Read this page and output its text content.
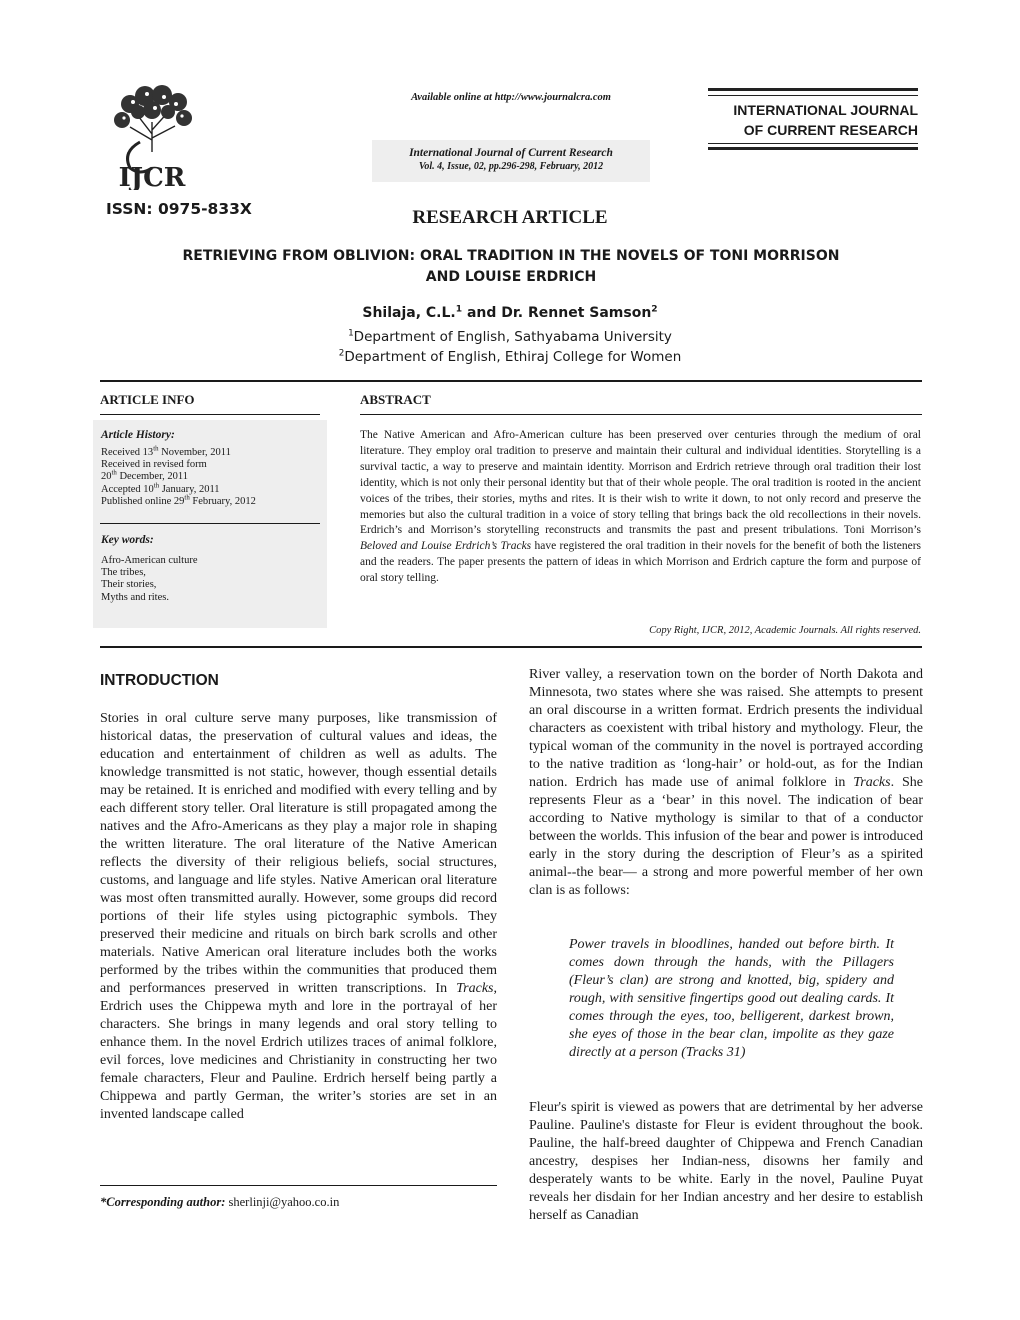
IJCR
Available online at http://www.journalcra.com
International Journal of Current Research
Vol. 4, Issue, 02, pp.296-298, February, 2012
INTERNATIONAL JOURNAL
OF CURRENT RESEARCH
ISSN: 0975-833X	RESEARCH ARTICLE
RETRIEVING FROM OBLIVION: ORAL TRADITION IN THE NOVELS OF TONI MORRISON
AND LOUISE ERDRICH
Shilaja, C.L.$^1$ and Dr. Rennet Samson$^2$
$^1$Department of English, Sathyabama University
$^2$Department of English, Ethiraj College for Women
ARTICLE INFO	ABSTRACT
Article History:
Received 13th November, 2011
Received in revised form
20th December, 2011
Accepted 10th January, 2011
Published online 29th February, 2012
Key words:
Afro-American culture
The tribes,
Their stories,
Myths and rites.
The Native American and Afro-American culture has been preserved over centuries through the medium of oral literature. They employ oral tradition to preserve and maintain their cultural and individual identities. Storytelling is a survival tactic, a way to preserve and maintain identity. Morrison and Erdrich retrieve through oral tradition their lost identity, which is not only their personal identity but that of their whole people. The oral tradition is rooted in the ancient voices of the tribes, their stories, myths and rites. It is their wish to write it down, to not only record and preserve the memories but also the cultural tradition in a voice of story telling that brings back the old recollections in their novels. Erdrich’s and Morrison’s storytelling reconstructs and transmits the past and present tribulations. Toni Morrison’s Beloved and Louise Erdrich’s Tracks have registered the oral tradition in their novels for the benefit of both the listeners and the readers. The paper presents the pattern of ideas in which Morrison and Erdrich capture the form and purpose of oral story telling.
Copy Right, IJCR, 2012, Academic Journals. All rights reserved.
INTRODUCTION
Stories in oral culture serve many purposes, like transmission of historical datas, the preservation of cultural values and ideas, the education and entertainment of children as well as adults. The knowledge transmitted is not static, however, though essential details may be retained. It is enriched and modified with every telling and by each different story teller. Oral literature is still propagated among the natives and the Afro-Americans as they play a major role in shaping the written literature. The oral literature of the Native American reflects the diversity of their religious beliefs, social structures, customs, and language and life styles. Native American oral literature was most often transmitted aurally. However, some groups did record portions of their life styles using pictographic symbols. They preserved their medicine and rituals on birch bark scrolls and other materials. Native American oral literature includes both the works performed by the tribes within the communities that produced them and performances preserved in written transcriptions. In Tracks, Erdrich uses the Chippewa myth and lore in the portrayal of her characters. She brings in many legends and oral story telling to enhance them. In the novel Erdrich utilizes traces of animal folklore, evil forces, love medicines and Christianity in constructing her two female characters, Fleur and Pauline. Erdrich herself being partly a Chippewa and partly German, the writer’s stories are set in an invented landscape called
River valley, a reservation town on the border of North Dakota and Minnesota, two states where she was raised. She attempts to present an oral discourse in a written format. Erdrich presents the individual characters as coexistent with tribal history and mythology. Fleur, the typical woman of the community in the novel is portrayed according to the native tradition as ‘long-hair’ or hold-out, as for the Indian nation. Erdrich has made use of animal folklore in Tracks. She represents Fleur as a ‘bear’ in this novel. The indication of bear according to Native mythology is similar to that of a conductor between the worlds. This infusion of the bear and power is introduced early in the story during the description of Fleur’s as a spirited animal--the bear— a strong and more powerful member of her own clan is as follows:
Power travels in bloodlines, handed out before birth. It comes down through the hands, with the Pillagers (Fleur’s clan) are strong and knotted, big, spidery and rough, with sensitive fingertips good out dealing cards. It comes through the eyes, too, belligerent, darkest brown, she eyes of those in the bear clan, impolite as they gaze directly at a person (Tracks 31)
Fleur's spirit is viewed as powers that are detrimental by her adverse Pauline. Pauline's distaste for Fleur is evident throughout the book. Pauline, the half-breed daughter of Chippewa and French Canadian ancestry, despises her Indian-ness, disowns her family and desperately wants to be white. Early in the novel, Pauline Puyat reveals her disdain for her Indian ancestry and her desire to establish herself as Canadian
*Corresponding author: sherlinji@yahoo.co.in
